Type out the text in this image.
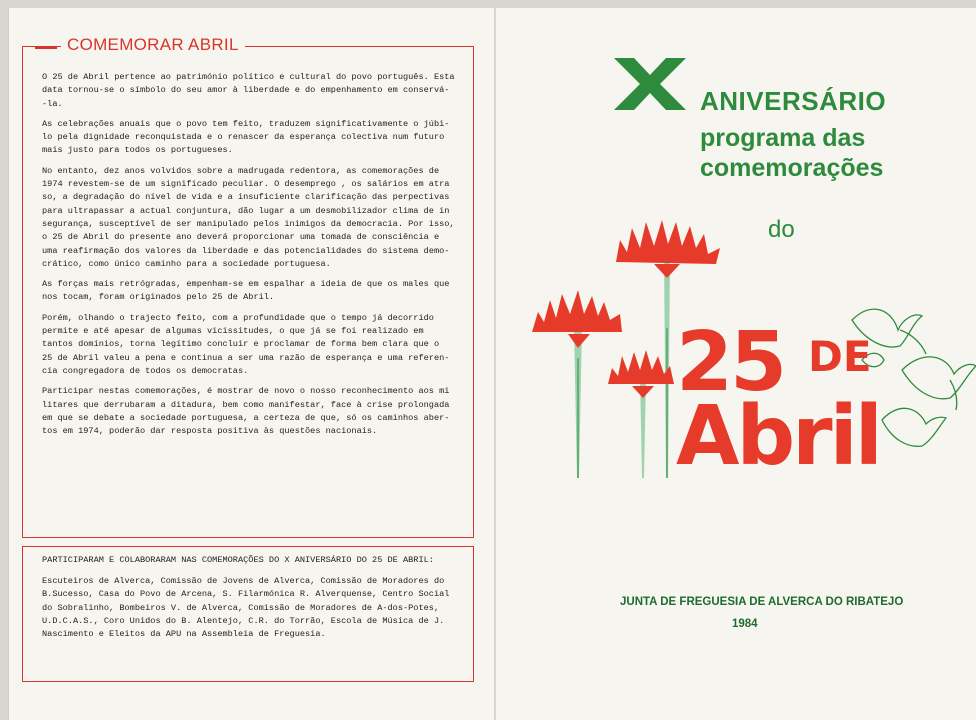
COMEMORAR ABRIL

O 25 de Abril pertence ao património político e cultural do povo português. Esta
data tornou-se o símbolo do seu amor à liberdade e do empenhamento em conservá-
-la.

As celebrações anuais que o povo tem feito, traduzem significativamente o júbi-
lo pela dignidade reconquistada e o renascer da esperança colectiva num futuro
mais justo para todos os portugueses.

No entanto, dez anos volvidos sobre a madrugada redentora, as comemorações de
1974 revestem-se de um significado peculiar. O desemprego , os salários em atra
so, a degradação do nível de vida e a insuficiente clarificação das perpectivas
para ultrapassar a actual conjuntura, dão lugar a um desmobilizador clima de in
segurança, susceptível de ser manipulado pelos inimigos da democracia. Por isso,
o 25 de Abril do presente ano deverá proporcionar uma tomada de consciência e
uma reafirmação dos valores da liberdade e das potencialidades do sistema demo-
crático, como único caminho para a sociedade portuguesa.

As forças mais retrógradas, empenham-se em espalhar a ideia de que os males que
nos tocam, foram originados pelo 25 de Abril.

Porém, olhando o trajecto feito, com a profundidade que o tempo já decorrido
permite e até apesar de algumas vicissitudes, o que já se foi realizado em
tantos domínios, torna legítimo concluir e proclamar de forma bem clara que o
25 de Abril valeu a pena e continua a ser uma razão de esperança e uma referen-
cia congregadora de todos os democratas.

Participar nestas comemorações, é mostrar de novo o nosso reconhecimento aos mi
litares que derrubaram a ditadura, bem como manifestar, face à crise prolongada
em que se debate a sociedade portuguesa, a certeza de que, só os caminhos aber-
tos em 1974, poderão dar resposta positiva às questões nacionais.

PARTICIPARAM E COLABORARAM NAS COMEMORAÇÕES DO X ANIVERSÁRIO DO 25 DE ABRIL:

Escuteiros de Alverca, Comissão de Jovens de Alverca, Comissão de Moradores do
B.Sucesso, Casa do Povo de Arcena, S. Filarmónica R. Alverquense, Centro Social
do Sobralinho, Bombeiros V. de Alverca, Comissão de Moradores de A-dos-Potes,
U.D.C.A.S., Coro Unidos do B. Alentejo, C.R. do Torrão, Escola de Música de J.
Nascimento e Eleitos da APU na Assembleia de Freguesia.

ANIVERSÁRIO
programa das
comemorações
do
25 DE
Abril
JUNTA DE FREGUESIA DE ALVERCA DO RIBATEJO
1984
